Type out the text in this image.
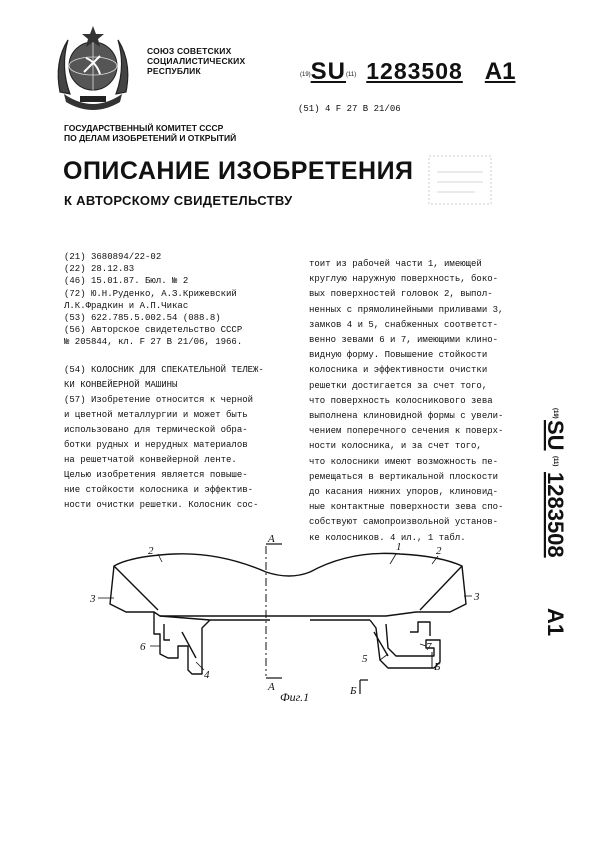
СОЮЗ СОВЕТСКИХ
СОЦИАЛИСТИЧЕСКИХ
РЕСПУБЛИК	(19)SU(11) 1283508 A1
(51) 4 F 27 B 21/06
ГОСУДАРСТВЕННЫЙ КОМИТЕТ СССР
ПО ДЕЛАМ ИЗОБРЕТЕНИЙ И ОТКРЫТИЙ
ОПИСАНИЕ ИЗОБРЕТЕНИЯ
К АВТОРСКОМУ СВИДЕТЕЛЬСТВУ
(21) 3680894/22-02
(22) 28.12.83
(46) 15.01.87. Бюл. № 2
(72) Ю.Н.Руденко, А.З.Крижевский
Л.К.Фрадкин и А.П.Чикас
(53) 622.785.5.002.54 (088.8)
(56) Авторское свидетельство СССР
№ 205844, кл. F 27 B 21/06, 1966.
(54) КОЛОСНИК ДЛЯ СПЕКАТЕЛЬНОЙ ТЕЛЕЖ-
КИ КОНВЕЙЕРНОЙ МАШИНЫ
(57) Изобретение относится к черной
и цветной металлургии и может быть
использовано для термической обра-
ботки рудных и нерудных материалов
на решетчатой конвейерной ленте.
Целью изобретения является повыше-
ние стойкости колосника и эффектив-
ности очистки решетки. Колосник сос-
тоит из рабочей части 1, имеющей
круглую наружную поверхность, боко-
вых поверхностей головок 2, выпол-
ненных с прямолинейными приливами 3,
замков 4 и 5, снабженных соответст-
венно зевами 6 и 7, имеющими клино-
видную форму. Повышение стойкости
колосника и эффективности очистки
решетки достигается за счет того,
что поверхность колосникового зева
выполнена клиновидной формы с увели-
чением поперечного сечения к поверх-
ности колосника, и за счет того,
что колосники имеют возможность пе-
ремещаться в вертикальной плоскости
до касания нижних упоров, клиновид-
ные контактные поверхности зева спо-
собствуют самопроизвольной установ-
ке колосников. 4 ил., 1 табл.
(19)
SU
(11)
1283508
A1
2	1	2
3	3
6
4
5
7
Б
Б
А
А
Фиг.1
